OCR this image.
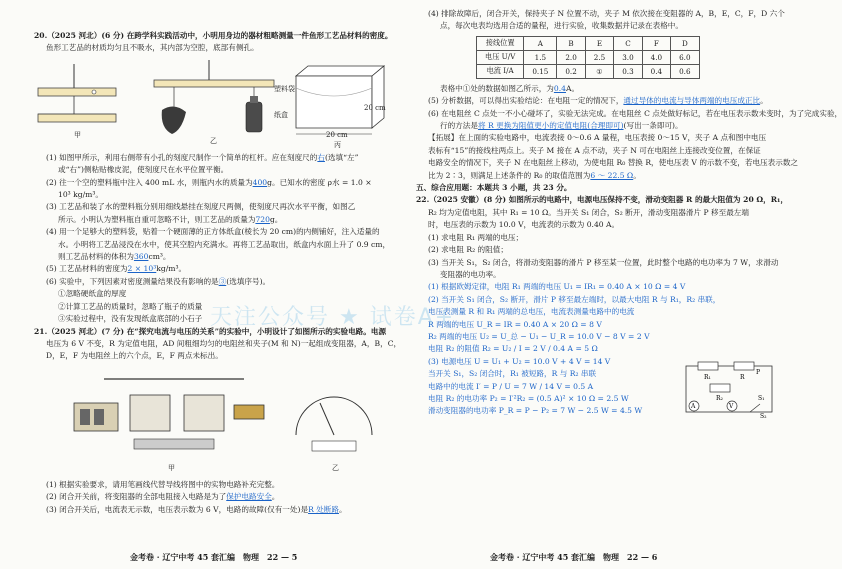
20.（2025 河北）(6 分) 在跨学科实践活动中，小明用身边的器材粗略测量一件鱼形工艺品材料的密度。
鱼形工艺品的材质均匀且不吸水，其内部为空腔，底部有侧孔。
甲
乙	丙
塑料袋
纸盒
20 cm
20 cm
(1) 如图甲所示，利用右侧带有小孔的刻度尺制作一个简单的杠杆。应在刻度尺的右(选填“左”
或“右”)侧粘贴橡皮泥，使刻度尺在水平位置平衡。
(2) 往一个空的塑料瓶中注入 400 mL 水，则瓶内水的质量为400g。已知水的密度 ρ水 = 1.0 ×
10³ kg/m³。
(3) 工艺品和装了水的塑料瓶分别用细线悬挂在刻度尺两侧，使刻度尺再次水平平衡，如图乙
所示。小明认为塑料瓶自重可忽略不计，则工艺品的质量为720g。
(4) 用一个足够大的塑料袋，贴着一个硬面薄的正方体纸盒(棱长为 20 cm)的内侧铺好，注入适量的
水。小明将工艺品浸没在水中，使其空腔内充满水。再将工艺品取出，纸盒内水面上升了 0.9 cm，
则工艺品材料的体积为360cm³。
(5) 工艺品材料的密度为2 × 10³kg/m³。
(6) 实验中，下列因素对密度测量结果没有影响的是③(选填序号)。
①忽略硬纸盒的厚度
②计算工艺品的质量时，忽略了瓶子的质量
③实验过程中，没有发现纸盒底部的小石子
21.（2025 河北）(7 分) 在“探究电流与电压的关系”的实验中，小明设计了如图所示的实验电路。电源
电压为 6 V 不变，R 为定值电阻，AD 间粗细均匀的电阻丝和夹子(M 和 N)一起组成变阻器，A，B，C，
D，E，F 为电阻丝上的六个点，E，F 两点未标出。
甲	乙
(1) 根据实验要求，请用笔画线代替导线将图中的实物电路补充完整。
(2) 闭合开关前，将变阻器的全部电阻接入电路是为了保护电路安全。
(3) 闭合开关后，电流表无示数，电压表示数为 6 V，电路的故障(仅有一处)是R 处断路。
金考卷 · 辽宁中考 45 套汇编　物理　22 — 5
(4) 排除故障后，闭合开关，保持夹子 N 位置不动，夹子 M 依次接在变阻器的 A，B，E，C，F，D 六个
点，每次电表均选用合适的量程，进行实验，收集数据并记录在表格中。
接线位置	A	B	E	C	F	D
电压 U/V	1.5	2.0	2.5	3.0	4.0	6.0
电流 I/A	0.15	0.2	①	0.3	0.4	0.6
表格中①处的数据如图乙所示，为0.4A。
(5) 分析数据，可以得出实验结论：在电阻一定的情况下，通过导体的电流与导体两端的电压成正比。
(6) 在电阻丝 C 点处一不小心碰坏了，实验无法完成。在电阻丝 C 点处做好标记，若在电压表示数未变时，为了完成实验，
行的方法是将 R 更换为阻值更小的定值电阻(合理即可)(写出一条即可)。
【拓展】在上面的实验电路中，电流表接 0～0.6 A 量程，电压表接 0～15 V，夹子 A 点和图中电压
表标有“15”的接线柱两点上。夹子 M 接在 A 点不动，夹子 N 可在电阻丝上连接改变位置，在保证
电路安全的情况下，夹子 N 在电阻丝上移动，为使电阻 R₀ 替换 R，使电压表 V 的示数不变，若电压表示数之
比为 2∶3，则满足上述条件的 R₀ 的取值范围为6 ～ 22.5 Ω。
五、综合应用题：本题共 3 小题，共 23 分。
22.（2025 安徽）(8 分) 如图所示的电路中，电源电压保持不变，滑动变阻器 R 的最大阻值为 20 Ω，R₁，
R₂ 均为定值电阻，其中 R₁ = 10 Ω。当开关 S₁ 闭合，S₂ 断开，滑动变阻器滑片 P 移至最左端
时，电压表的示数为 10.0 V，电流表的示数为 0.40 A。
(1) 求电阻 R₁ 两端的电压；
(2) 求电阻 R₂ 的阻值；
(3) 当开关 S₁，S₂ 闭合，将滑动变阻器的滑片 P 移至某一位置，此时整个电路的电功率为 7 W，求滑动
变阻器的电功率。
(1) 根据欧姆定律，电阻 R₁ 两端的电压 U₁ = IR₁ = 0.40 A × 10 Ω = 4 V
(2) 当开关 S₁ 闭合，S₂ 断开，滑片 P 移至最左端时，以最大电阻 R 与 R₁，R₂ 串联，
电压表测量 R 和 R₁ 两端的总电压，电流表测量电路中的电流
R 两端的电压 U_R = IR = 0.40 A × 20 Ω = 8 V
R₂ 两端的电压 U₂ = U_总 − U₁ − U_R = 10.0 V − 8 V = 2 V
电阻 R₂ 的阻值 R₂ = U₂ / I = 2 V / 0.4 A = 5 Ω
(3) 电源电压 U = U₁ + U₂ = 10.0 V + 4 V = 14 V
当开关 S₁，S₂ 闭合时，R₁ 被短路，R 与 R₂ 串联
电路中的电流 I′ = P / U = 7 W / 14 V = 0.5 A
电阻 R₂ 的电功率 P₂ = I′²R₂ = (0.5 A)² × 10 Ω = 2.5 W
滑动变阻器的电功率 P_R = P − P₂ = 7 W − 2.5 W = 4.5 W
R₁	R
R₂
A	V
S₁
S₂
P
金考卷 · 辽宁中考 45 套汇编　物理　22 — 6
天注公众号 ★ 试卷A+
